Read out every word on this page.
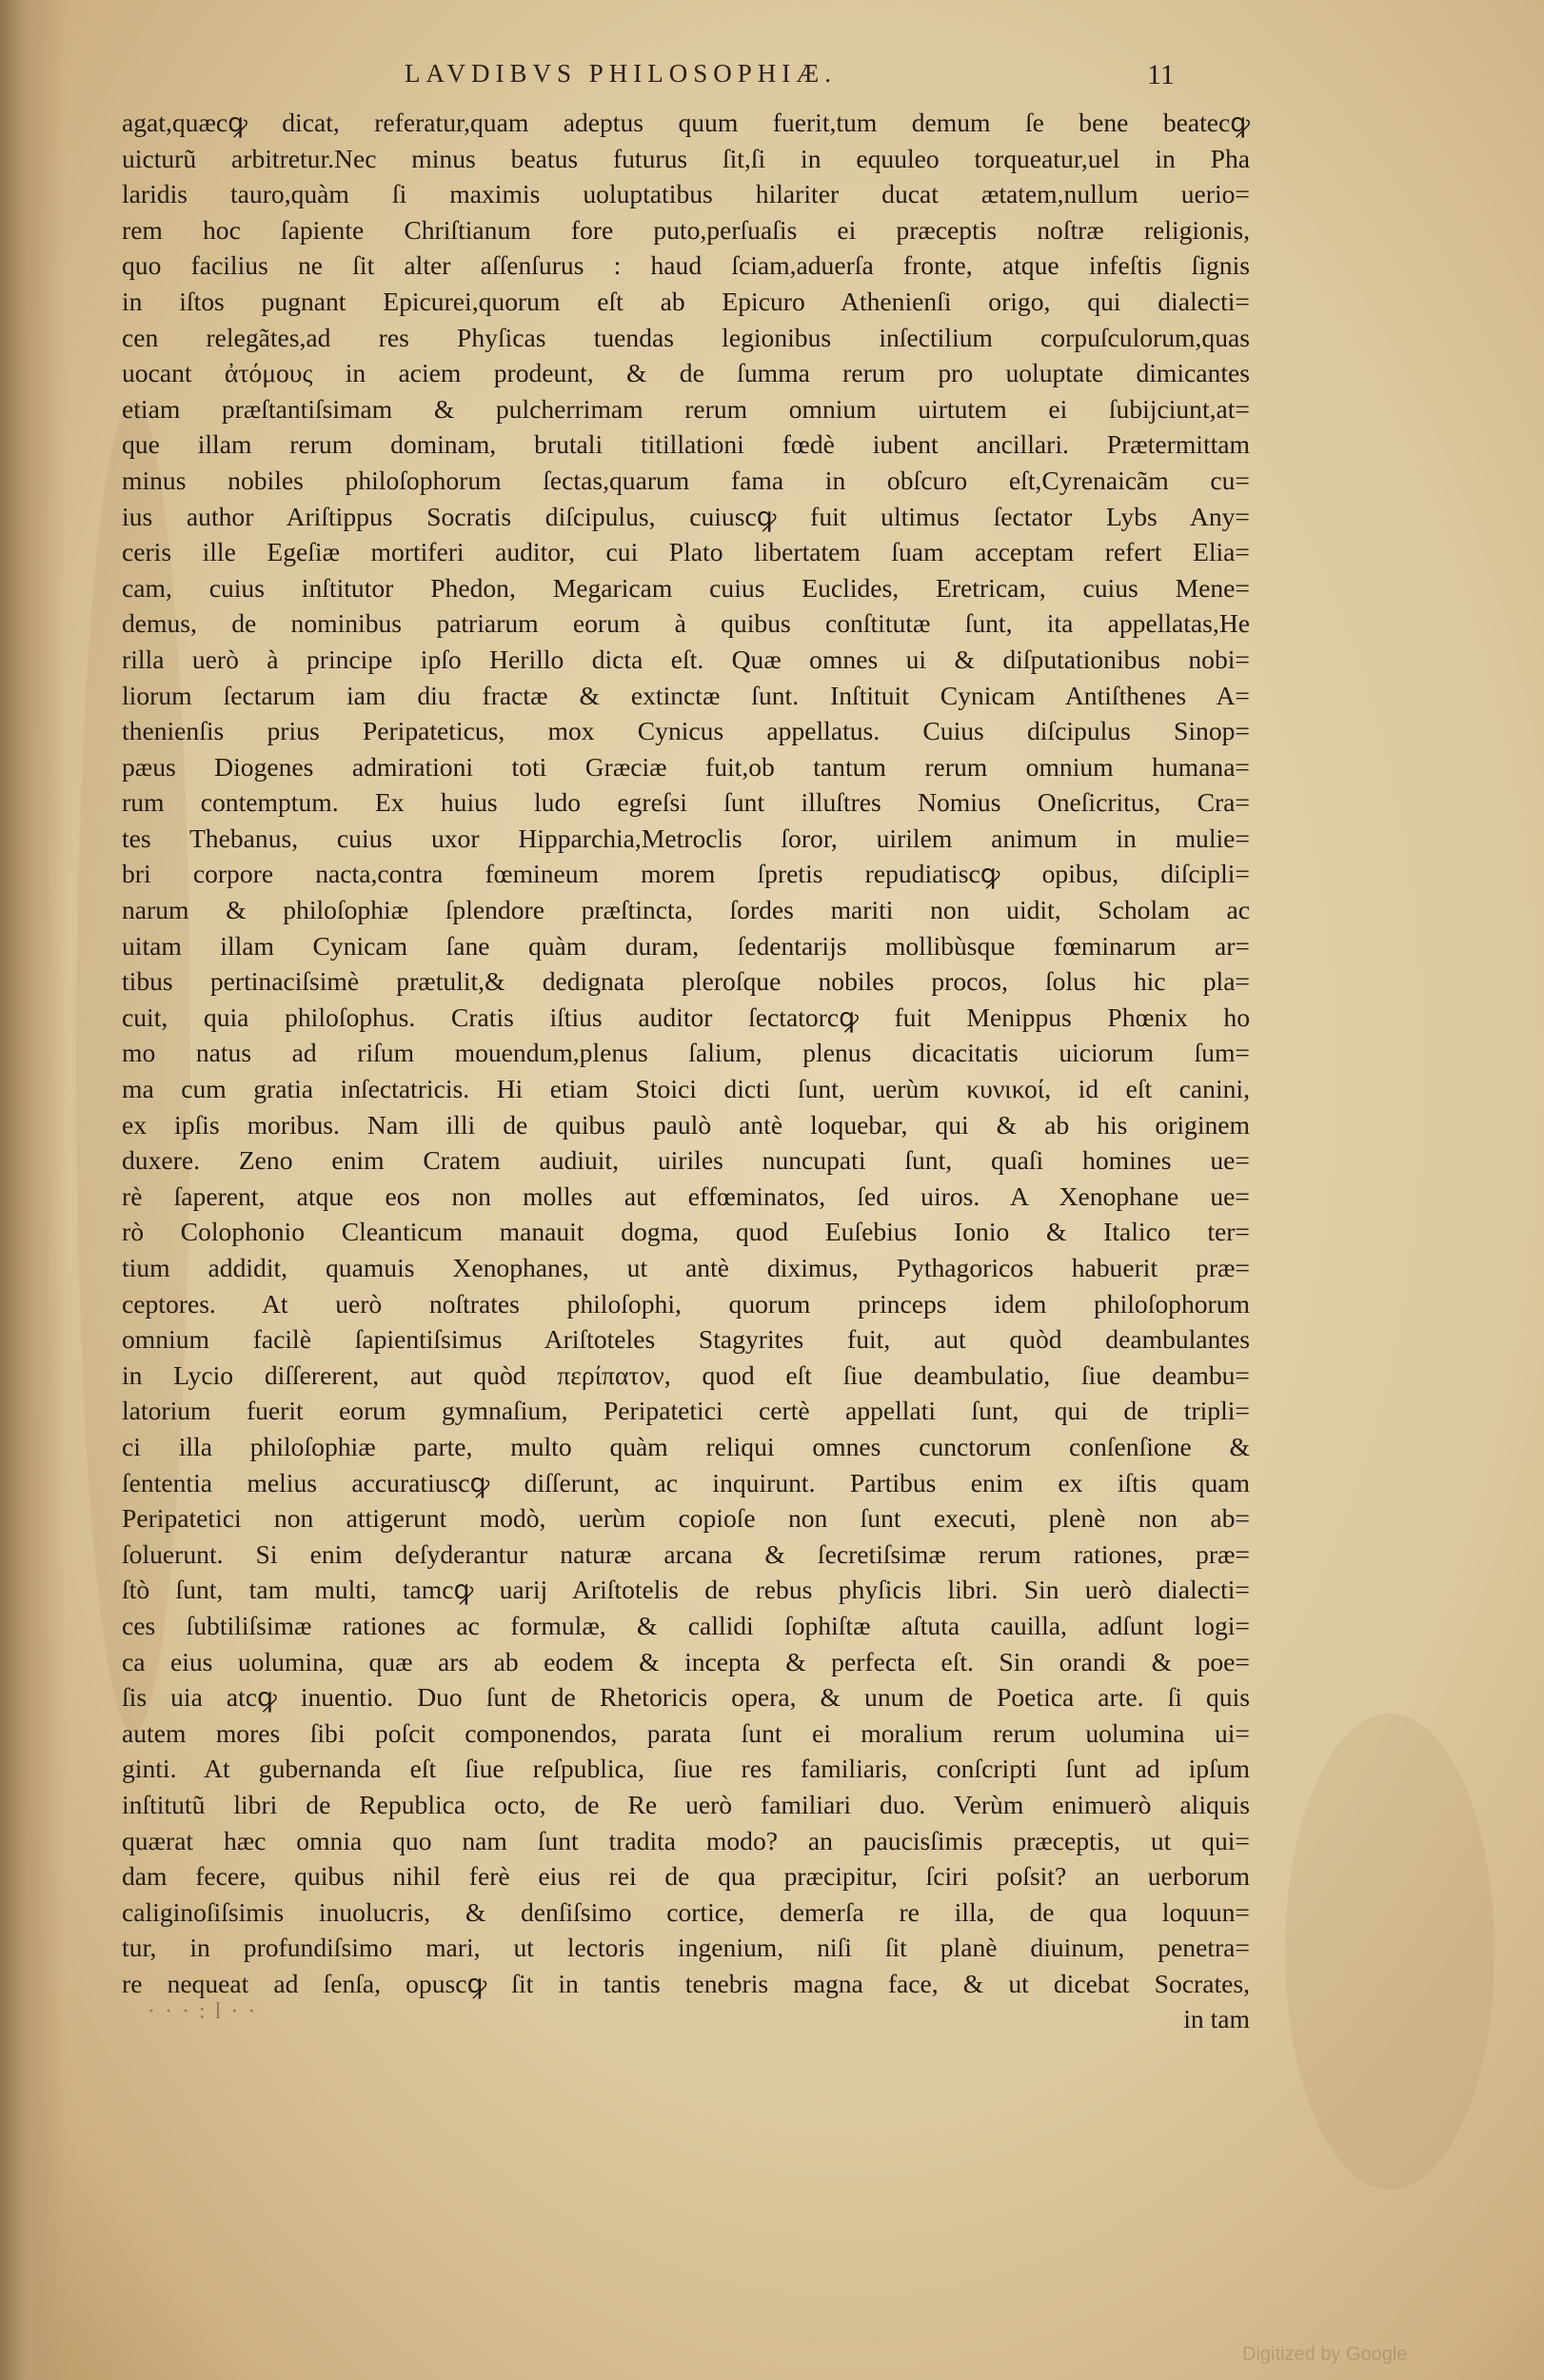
LAVDIBVS PHILOSOPHIÆ.	11
agat,quæcꝙ dicat, referatur,quam adeptus quum fuerit,tum demum ſe bene beatecꝙ
uicturũ arbitretur.Nec minus beatus futurus ſit,ſi in equuleo torqueatur,uel in Pha
laridis tauro,quàm ſi maximis uoluptatibus hilariter ducat ætatem,nullum uerio=
rem hoc ſapiente Chriſtianum fore puto,perſuaſis ei præceptis noſtræ religionis,
quo facilius ne ſit alter aſſenſurus : haud ſciam,aduerſa fronte, atque infeſtis ſignis
in iſtos pugnant Epicurei,quorum eſt ab Epicuro Athenienſi origo, qui dialecti=
cen relegãtes,ad res Phyſicas tuendas legionibus inſectilium corpuſculorum,quas
uocant ἀτόμους in aciem prodeunt, & de ſumma rerum pro uoluptate dimicantes
etiam præſtantiſsimam & pulcherrimam rerum omnium uirtutem ei ſubijciunt,at=
que illam rerum dominam, brutali titillationi fœdè iubent ancillari. Prætermittam
minus nobiles philoſophorum ſectas,quarum fama in obſcuro eſt,Cyrenaicãm cu=
ius author Ariſtippus Socratis diſcipulus, cuiuscꝙ fuit ultimus ſectator Lybs Any=
ceris ille Egeſiæ mortiferi auditor, cui Plato libertatem ſuam acceptam refert Elia=
cam, cuius inſtitutor Phedon, Megaricam cuius Euclides, Eretricam, cuius Mene=
demus, de nominibus patriarum eorum à quibus conſtitutæ ſunt, ita appellatas,He
rilla uerò à principe ipſo Herillo dicta eſt. Quæ omnes ui & diſputationibus nobi=
liorum ſectarum iam diu fractæ & extinctæ ſunt. Inſtituit Cynicam Antiſthenes A=
thenienſis prius Peripateticus, mox Cynicus appellatus. Cuius diſcipulus Sinop=
pæus Diogenes admirationi toti Græciæ fuit,ob tantum rerum omnium humana=
rum contemptum. Ex huius ludo egreſsi ſunt illuſtres Nomius Oneſicritus, Cra=
tes Thebanus, cuius uxor Hipparchia,Metroclis ſoror, uirilem animum in mulie=
bri corpore nacta,contra fœmineum morem ſpretis repudiatiscꝙ opibus, diſcipli=
narum & philoſophiæ ſplendore præſtincta, ſordes mariti non uidit, Scholam ac
uitam illam Cynicam ſane quàm duram, ſedentarijs mollibùsque fœminarum ar=
tibus pertinaciſsimè prætulit,& dedignata pleroſque nobiles procos, ſolus hic pla=
cuit, quia philoſophus. Cratis iſtius auditor ſectatorcꝙ fuit Menippus Phœnix ho
mo natus ad riſum mouendum,plenus ſalium, plenus dicacitatis uiciorum ſum=
ma cum gratia inſectatricis. Hi etiam Stoici dicti ſunt, uerùm κυνικοί, id eſt canini,
ex ipſis moribus. Nam illi de quibus paulò antè loquebar, qui & ab his originem
duxere. Zeno enim Cratem audiuit, uiriles nuncupati ſunt, quaſi homines ue=
rè ſaperent, atque eos non molles aut effœminatos, ſed uiros. A Xenophane ue=
rò Colophonio Cleanticum manauit dogma, quod Euſebius Ionio & Italico ter=
tium addidit, quamuis Xenophanes, ut antè diximus, Pythagoricos habuerit præ=
ceptores. At uerò noſtrates philoſophi, quorum princeps idem philoſophorum
omnium facilè ſapientiſsimus Ariſtoteles Stagyrites fuit, aut quòd deambulantes
in Lycio diſſererent, aut quòd περίπατον, quod eſt ſiue deambulatio, ſiue deambu=
latorium fuerit eorum gymnaſium, Peripatetici certè appellati ſunt, qui de tripli=
ci illa philoſophiæ parte, multo quàm reliqui omnes cunctorum conſenſione &
ſententia melius accuratiuscꝙ diſſerunt, ac inquirunt. Partibus enim ex iſtis quam
Peripatetici non attigerunt modò, uerùm copioſe non ſunt executi, plenè non ab=
ſoluerunt. Si enim deſyderantur naturæ arcana & ſecretiſsimæ rerum rationes, præ=
ſtò ſunt, tam multi, tamcꝙ uarij Ariſtotelis de rebus phyſicis libri. Sin uerò dialecti=
ces ſubtiliſsimæ rationes ac formulæ, & callidi ſophiſtæ aſtuta cauilla, adſunt logi=
ca eius uolumina, quæ ars ab eodem & incepta & perfecta eſt. Sin orandi & poe=
ſis uia atcꝙ inuentio. Duo ſunt de Rhetoricis opera, & unum de Poetica arte. ſi quis
autem mores ſibi poſcit componendos, parata ſunt ei moralium rerum uolumina ui=
ginti. At gubernanda eſt ſiue reſpublica, ſiue res familiaris, conſcripti ſunt ad ipſum
inſtitutũ libri de Republica octo, de Re uerò familiari duo. Verùm enimuerò aliquis
quærat hæc omnia quo nam ſunt tradita modo? an paucisſimis præceptis, ut qui=
dam fecere, quibus nihil ferè eius rei de qua præcipitur, ſciri poſsit? an uerborum
caliginoſiſsimis inuolucris, & denſiſsimo cortice, demerſa re illa, de qua loquun=
tur, in profundiſsimo mari, ut lectoris ingenium, niſi ſit planè diuinum, penetra=
re nequeat ad ſenſa, opuscꝙ ſit in tantis tenebris magna face, & ut dicebat Socrates,
in tam
· · · : l · ·
Digitized by Google
